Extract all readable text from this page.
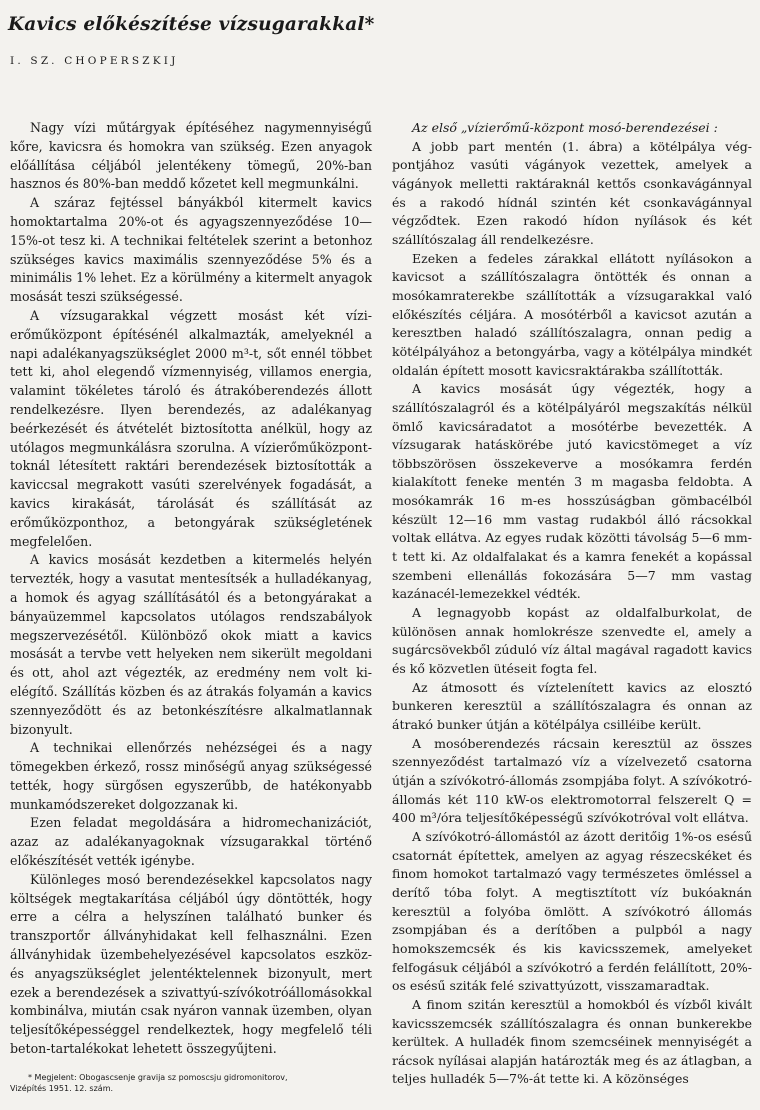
Kavics előkészítése vízsugarakkal*
I. SZ. CHOPERSZKIJ

Nagy vízi műtárgyak építéséhez nagymennyiségű kőre, kavicsra és homokra van szükség. Ezen anyagok előállítása céljából jelentékeny tömegű, 20%-ban hasznos és 80%-ban meddő kőzetet kell megmunkálni.

A száraz fejtéssel bányákból kitermelt kavics homoktartalma 20%-ot és agyagszennyeződése 10—15%-ot tesz ki. A technikai feltételek szerint a betonhoz szükséges kavics maximális szennyeződése 5% és a minimális 1% lehet. Ez a körülmény a kitermelt anyagok mosását teszi szükségessé.

A vízsugarakkal végzett mosást két vízierőműközpont építésénél alkalmazták, amelyeknél a napi adalékanyagszükséglet 2000 m³-t, sőt ennél többet tett ki, ahol elegendő vízmennyiség, villamos energia, valamint tökéletes tároló és átrakóberendezés állott rendelkezésre. Ilyen berendezés, az adalékanyag beérkezését és átvételét biztosította anélkül, hogy az utólagos megmunkálásra szorulna. A vízierőműközponttoknál létesített raktári berendezések biztosították a kaviccsal megrakott vasúti szerelvények fogadását, a kavics kirakását, tárolását és szállítását az erőműközponthoz, a betongyárak szükségletének megfelelően.

A kavics mosását kezdetben a kitermelés helyén tervezték, hogy a vasutat mentesítsék a hulladékanyag, a homok és agyag szállításától és a betongyárakat a bányaüzemmel kapcsolatos utólagos rendszabályok megszervezésétől. Különböző okok miatt a kavics mosását a tervbe vett helyeken nem sikerült megoldani és ott, ahol azt végezték, az eredmény nem volt kielégítő. Szállítás közben és az átrakás folyamán a kavics szennyeződött és az betonkészítésre alkalmatlannak bizonyult.

A technikai ellenőrzés nehézségei és a nagy tömegekben érkező, rossz minőségű anyag szükségessé tették, hogy sürgősen egyszerűbb, de hatékonyabb munkamódszereket dolgozzanak ki.

Ezen feladat megoldására a hidromechanizációt, azaz az adalékanyagoknak vízsugarakkal történő előkészítését vették igénybe.

Különleges mosó berendezésekkel kapcsolatos nagy költségek megtakarítása céljából úgy döntötték, hogy erre a célra a helyszínen található bunker és transzportőr állványhidakat kell felhasználni. Ezen állványhidak üzembehelyezésével kapcsolatos eszköz- és anyagszükséglet jelentéktelennek bizonyult, mert ezek a berendezések a szivattyú-szívókotróállomásokkal kombinálva, miután csak nyáron vannak üzemben, olyan teljesítőképességgel rendelkeztek, hogy megfelelő téli beton-tartalékokat lehetett összegyűjteni.

Az első „vízierőmű-központ mosó-berendezései :

A jobb part mentén (1. ábra) a kötélpálya végpontjához vasúti vágányok vezettek, amelyek a vágányok melletti raktáraknál kettős csonkavágánnyal és a rakodó hídnál szintén két csonkavágánnyal végződtek. Ezen rakodó hídon nyílások és két szállítószalag áll rendelkezésre.

Ezeken a fedeles zárakkal ellátott nyílásokon a kavicsot a szállítószalagra öntötték és onnan a mosókamraterekbe szállították a vízsugarakkal való előkészítés céljára. A mosótérből a kavicsot azután a keresztben haladó szállítószalagra, onnan pedig a kötélpályához a betongyárba, vagy a kötélpálya mindkét oldalán épített mosott kavicsraktárakba szállították.

A kavics mosását úgy végezték, hogy a szállítószalagról és a kötélpályáról megszakítás nélkül ömlő kavicsáradatot a mosótérbe bevezették. A vízsugarak hatáskörébe jutó kavicstömeget a víz többszörösen összekeverve a mosókamra ferdén kialakított feneke mentén 3 m magasba feldobta. A mosókamrák 16 m-es hosszúságban gömbacélból készült 12—16 mm vastag rudakból álló rácsokkal voltak ellátva. Az egyes rudak közötti távolság 5—6 mm-t tett ki. Az oldalfalakat és a kamra fenekét a kopással szembeni ellenállás fokozására 5—7 mm vastag kazánacél-lemezekkel védték.

A legnagyobb kopást az oldalfalburkolat, de különösen annak homlokrésze szenvedte el, amely a sugárcsövekből zúduló víz által magával ragadott kavics és kő közvetlen ütéseit fogta fel.

Az átmosott és víztelenített kavics az elosztó bunkeren keresztül a szállítószalagra és onnan az átrakó bunker útján a kötélpálya csilléibe került.

A mosóberendezés rácsain keresztül az összes szennyeződést tartalmazó víz a vízelvezető csatorna útján a szívókotró-állomás zsompjába folyt. A szívókotró-állomás két 110 kW-os elektromotorral felszerelt Q = 400 m³/óra teljesítőképességű szívókotróval volt ellátva.

A szívókotró-állomástól az ázott deritőig 1%-os esésű csatornát építettek, amelyen az agyag részecskéket és finom homokot tartalmazó vagy természetes ömléssel a derítő tóba folyt. A megtisztított víz bukóaknán keresztül a folyóba ömlött. A szívókotró állomás zsompjában és a derítőben a pulpból a nagy homokszemcsék és kis kavicsszemek, amelyeket felfogásuk céljából a szívókotró a ferdén felállított, 20%-os esésű sziták felé szivattyúzott, visszamaradtak.

A finom szitán keresztül a homokból és vízből kivált kavicsszemcsék szállítószalagra és onnan bunkerekbe kerültek. A hulladék finom szemcséinek mennyiségét a rácsok nyílásai alapján határozták meg és az átlagban, a teljes hulladék 5—7%-át tette ki. A közönséges

* Megjelent: Obogascsenje gravija sz pomoscsju gidromonitorov,
Vizépítés 1951. 12. szám.
